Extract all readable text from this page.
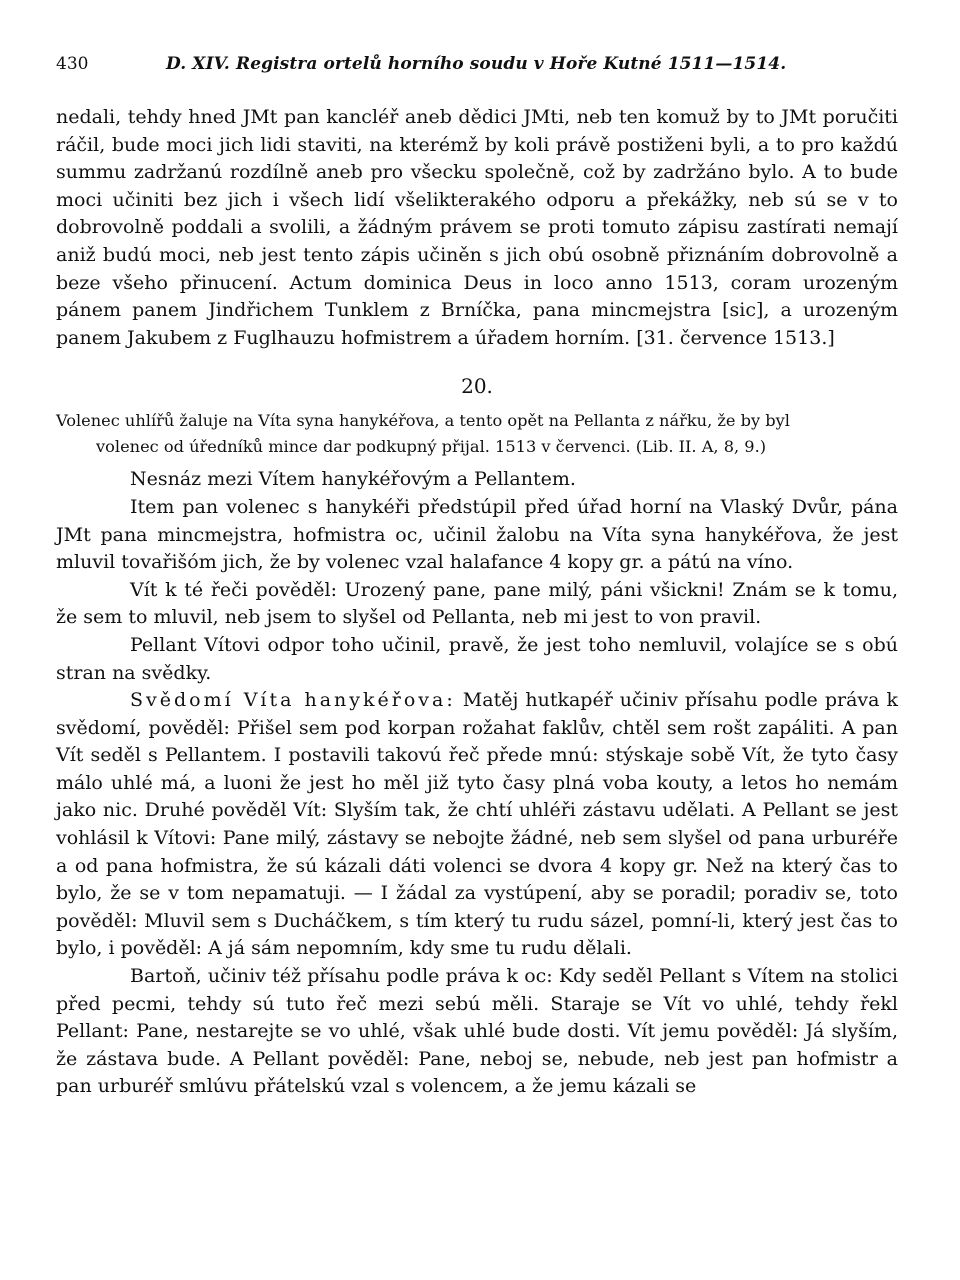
430	D. XIV. Registra ortelů horního soudu v Hoře Kutné 1511—1514.

nedali, tehdy hned JMt pan kancléř aneb dědici JMti, neb ten komuž by to JMt poručiti ráčil, bude moci jich lidi staviti, na kterémž by koli právě postiženi byli, a to pro každú summu zadržanú rozdílně aneb pro všecku společně, což by zadržáno bylo. A to bude moci učiniti bez jich i všech lidí všelikterakého odporu a překážky, neb sú se v to dobrovolně poddali a svolili, a žádným právem se proti tomuto zápisu zastírati nemají aniž budú moci, neb jest tento zápis učiněn s jich obú osobně přiznáním dobrovolně a beze všeho přinucení. Actum dominica Deus in loco anno 1513, coram urozeným pánem panem Jindřichem Tunklem z Brníčka, pana mincmejstra [sic], a urozeným panem Jakubem z Fuglhauzu hofmistrem a úřadem horním. [31. července 1513.]

20.

Volenec uhlířů žaluje na Víta syna hanykéřova, a tento opět na Pellanta z nářku, že by byl

volenec od úředníků mince dar podkupný přijal. 1513 v červenci. (Lib. II. A, 8, 9.)

Nesnáz mezi Vítem hanykéřovým a Pellantem.

Item pan volenec s hanykéři předstúpil před úřad horní na Vlaský Dvůr, pána JMt pana mincmejstra, hofmistra oc, učinil žalobu na Víta syna hanykéřova, že jest mluvil tovařišóm jich, že by volenec vzal halafance 4 kopy gr. a pátú na víno.

Vít k té řeči pověděl: Urozený pane, pane milý, páni všickni! Znám se k tomu, že sem to mluvil, neb jsem to slyšel od Pellanta, neb mi jest to von pravil.

Pellant Vítovi odpor toho učinil, pravě, že jest toho nemluvil, volajíce se s obú stran na svědky.

Svědomí Víta hanykéřova: Matěj hutkapéř učiniv přísahu podle práva k svědomí, pověděl: Přišel sem pod korpan rožahat faklův, chtěl sem rošt zapáliti. A pan Vít seděl s Pellantem. I postavili takovú řeč přede mnú: stýskaje sobě Vít, že tyto časy málo uhlé má, a luoni že jest ho měl již tyto časy plná voba kouty, a letos ho nemám jako nic. Druhé pověděl Vít: Slyším tak, že chtí uhléři zástavu udělati. A Pellant se jest vohlásil k Vítovi: Pane milý, zástavy se nebojte žádné, neb sem slyšel od pana urburéře a od pana hofmistra, že sú kázali dáti volenci se dvora 4 kopy gr. Než na který čas to bylo, že se v tom nepamatuji. — I žádal za vystúpení, aby se poradil; poradiv se, toto pověděl: Mluvil sem s Ducháčkem, s tím který tu rudu sázel, pomní-li, který jest čas to bylo, i pověděl: A já sám nepomním, kdy sme tu rudu dělali.

Bartoň, učiniv též přísahu podle práva k oc: Kdy seděl Pellant s Vítem na stolici před pecmi, tehdy sú tuto řeč mezi sebú měli. Staraje se Vít vo uhlé, tehdy řekl Pellant: Pane, nestarejte se vo uhlé, však uhlé bude dosti. Vít jemu pověděl: Já slyším, že zástava bude. A Pellant pověděl: Pane, neboj se, nebude, neb jest pan hofmistr a pan urburéř smlúvu přátelskú vzal s volencem, a že jemu kázali se
